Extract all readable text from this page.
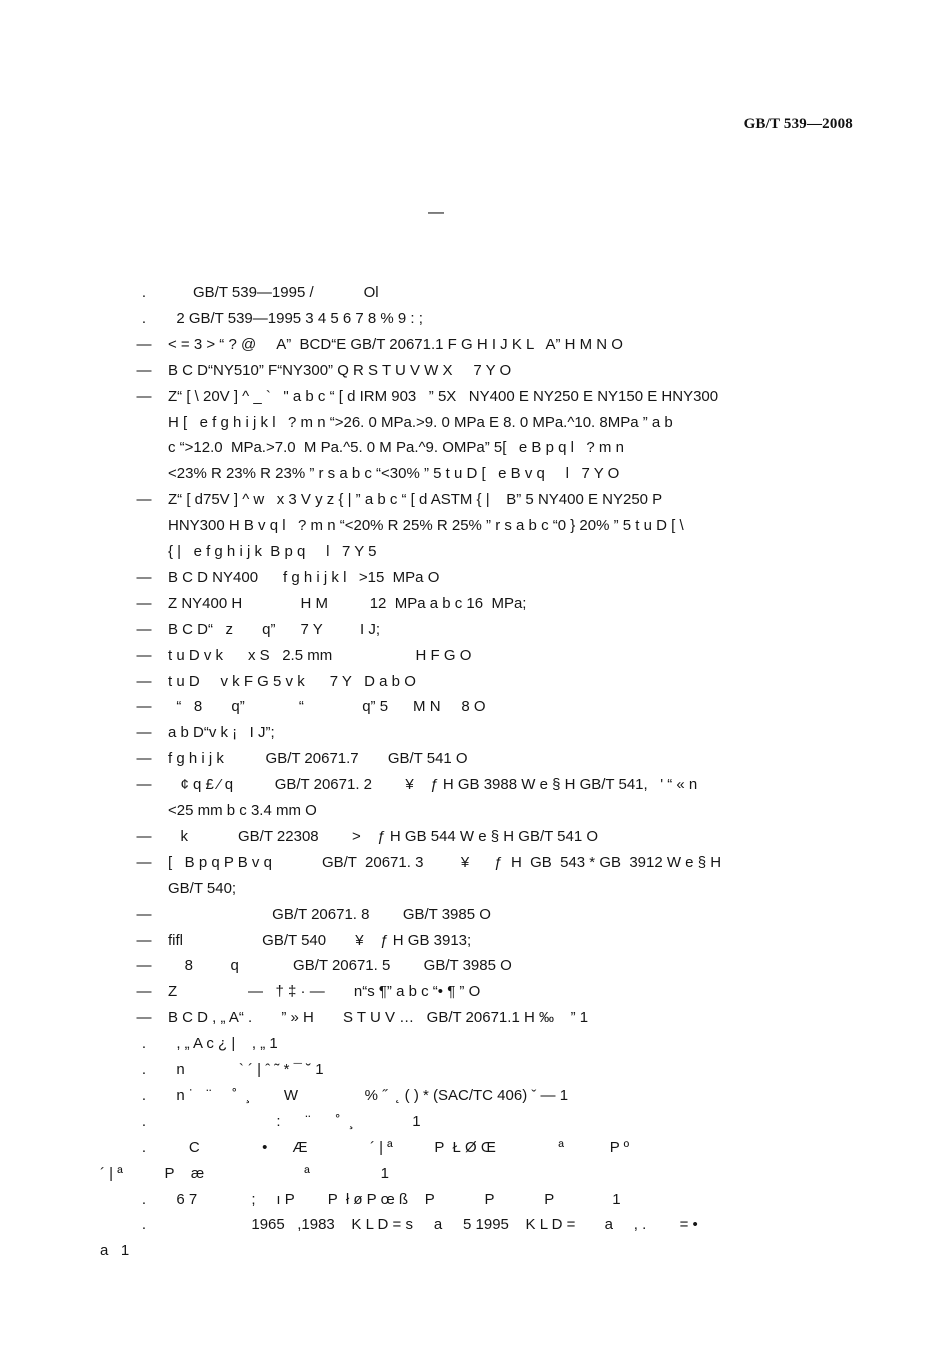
GB/T 539—2008
—
.	GB/T 539—1995 /            Ol
.	2 GB/T 539—1995 3 4 5 6 7 8 % 9 : ;
— < = 3 > “ ? @     A”  BCD“E GB/T 20671.1 F G H I J K L   A” H M N O
— B C D“NY510” F“NY300” Q R S T U V W X     7 Y O
— Z“ [ \ 20V ] ^ _ `   " a b c “ [ d IRM 903   ” 5X   NY400 E NY250 E NY150 E HNY300
H [   e f g h i j k l   ? m n “>26. 0 MPa.>9. 0 MPa E 8. 0 MPa.^10. 8MPa ” a b
c “>12.0  MPa.>7.0  M Pa.^5. 0 M Pa.^9. OMPa” 5[   e B p q l   ? m n
<23% R 23% R 23% ” r s a b c “<30% ” 5 t u D [   e B v q     l   7 Y O
— Z“ [ d75V ] ^ w   x 3 V y z { | ” a b c “ [ d ASTM { |    B” 5 NY400 E NY250 P
HNY300 H B v q l   ? m n “<20% R 25% R 25% ” r s a b c “0 } 20% ” 5 t u D [ \
{ |   e f g h i j k  B p q     l   7 Y 5
— B C D NY400      f g h i j k l   >15  MPa O
— Z NY400 H              H M          12  MPa a b c 16  MPa;
— B C D“   z       q”      7 Y         I J;
— t u D v k      x S   2.5 mm                    H F G O
— t u D     v k F G 5 v k      7 Y   D a b O
— “   8       q”             “              q” 5      M N     8 O
— a b D“v k ¡   I J”;
— f g h i j k          GB/T 20671.7       GB/T 541 O
— ¢ q £ ⁄ q          GB/T 20671. 2        ¥    ƒ H GB 3988 W e § H GB/T 541,   ' “ « n
<25 mm b c 3.4 mm O
— k            GB/T 22308        >    ƒ H GB 544 W e § H GB/T 541 O
— [   B p q P B v q            GB/T  20671. 3         ¥      ƒ  H  GB  543 * GB  3912 W e § H
GB/T 540;
— GB/T 20671. 8        GB/T 3985 O
— fifl                   GB/T 540       ¥    ƒ H GB 3913;
— 8         q             GB/T 20671. 5        GB/T 3985 O
— Z                 —   † ‡ · —       n“s ¶” a b c “• ¶ ” O
— B C D , „ A“ .       ” » H       S T U V …   GB/T 20671.1 H ‰    ” 1
.	, „ A c ¿ |    , „ 1
.	n             ` ´ | ˆ ˜ * ¯ ˘ 1
.	n ˙   ¨     ˚  ¸        W                % ˝  ˛ ( ) * (SAC/TC 406) ˇ — 1
.	:      ¨      ˚  ¸              1
.	C               •      Æ               ´ | ª          P  Ł Ø Œ               ª           P º
´ | ª          P    æ                        ª                 1
.	6 7             ;     ı P        P  ł ø P œ ß    P            P            P              1
.	1965   ,1983    K L D = s     a     5 1995    K L D =       a     , .        = •
a   1
